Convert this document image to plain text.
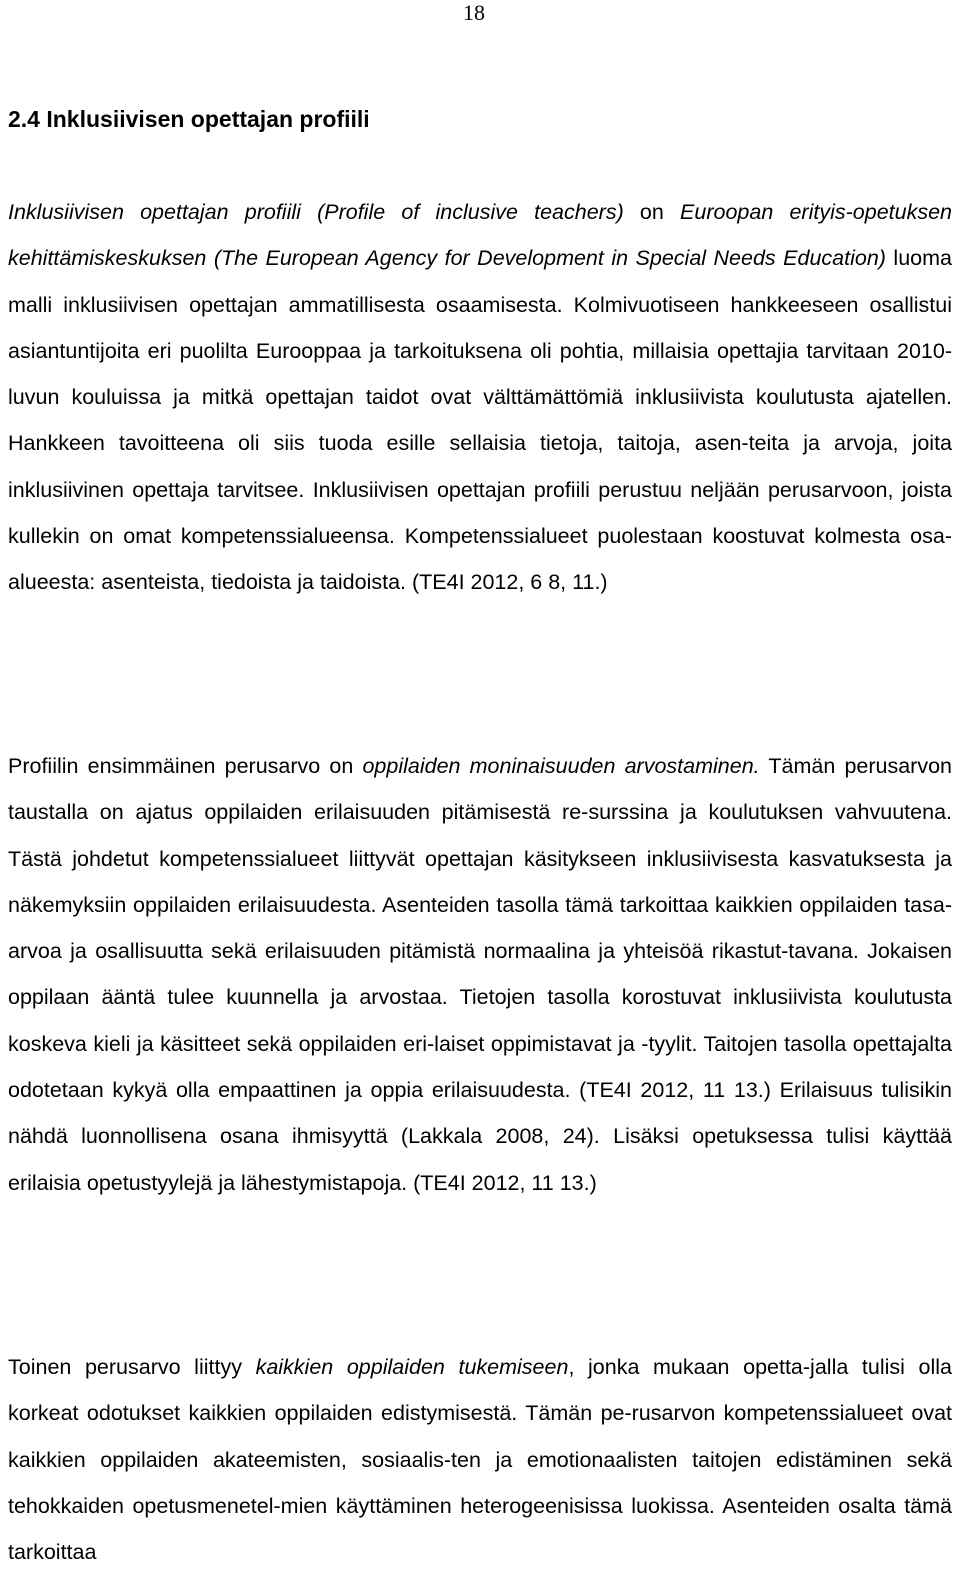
18
2.4 Inklusiivisen opettajan profiili

Inklusiivisen opettajan profiili (Profile of inclusive teachers) on Euroopan erityis-opetuksen kehittämiskeskuksen (The European Agency for Development in Special Needs Education) luoma malli inklusiivisen opettajan ammatillisesta osaamisesta. Kolmivuotiseen hankkeeseen osallistui asiantuntijoita eri puolilta Eurooppaa ja tarkoituksena oli pohtia, millaisia opettajia tarvitaan 2010-luvun kouluissa ja mitkä opettajan taidot ovat välttämättömiä inklusiivista koulutusta ajatellen. Hankkeen tavoitteena oli siis tuoda esille sellaisia tietoja, taitoja, asen-teita ja arvoja, joita inklusiivinen opettaja tarvitsee. Inklusiivisen opettajan profiili perustuu neljään perusarvoon, joista kullekin on omat kompetenssialueensa. Kompetenssialueet puolestaan koostuvat kolmesta osa-alueesta: asenteista, tiedoista ja taidoista. (TE4I 2012, 6 8, 11.)

Profiilin ensimmäinen perusarvo on oppilaiden moninaisuuden arvostaminen. Tämän perusarvon taustalla on ajatus oppilaiden erilaisuuden pitämisestä re-surssina ja koulutuksen vahvuutena. Tästä johdetut kompetenssialueet liittyvät opettajan käsitykseen inklusiivisesta kasvatuksesta ja näkemyksiin oppilaiden erilaisuudesta. Asenteiden tasolla tämä tarkoittaa kaikkien oppilaiden tasa-arvoa ja osallisuutta sekä erilaisuuden pitämistä normaalina ja yhteisöä rikastut-tavana. Jokaisen oppilaan ääntä tulee kuunnella ja arvostaa. Tietojen tasolla korostuvat inklusiivista koulutusta koskeva kieli ja käsitteet sekä oppilaiden eri-laiset oppimistavat ja -tyylit. Taitojen tasolla opettajalta odotetaan kykyä olla empaattinen ja oppia erilaisuudesta. (TE4I 2012, 11 13.) Erilaisuus tulisikin nähdä luonnollisena osana ihmisyyttä (Lakkala 2008, 24). Lisäksi opetuksessa tulisi käyttää erilaisia opetustyylejä ja lähestymistapoja. (TE4I 2012, 11 13.)

Toinen perusarvo liittyy kaikkien oppilaiden tukemiseen, jonka mukaan opetta-jalla tulisi olla korkeat odotukset kaikkien oppilaiden edistymisestä. Tämän pe-rusarvon kompetenssialueet ovat kaikkien oppilaiden akateemisten, sosiaalis-ten ja emotionaalisten taitojen edistäminen sekä tehokkaiden opetusmenetel-mien käyttäminen heterogeenisissa luokissa. Asenteiden osalta tämä tarkoittaa
